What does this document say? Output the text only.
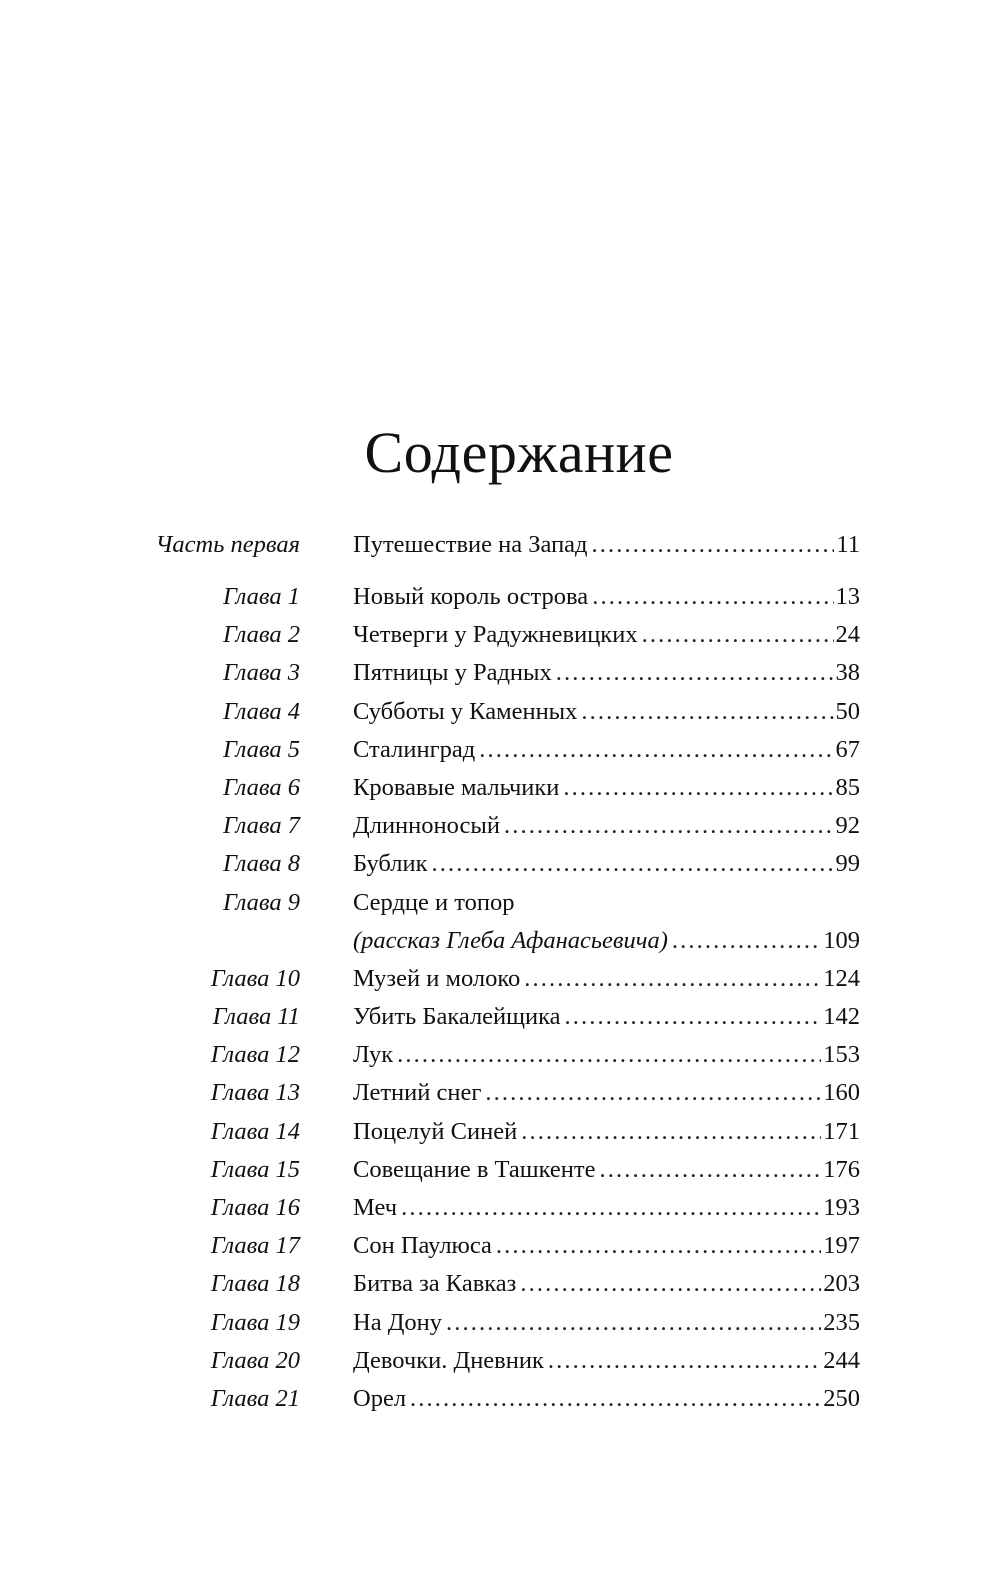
Содержание
Часть первая Путешествие на Запад . . .	11
Глава 1 Новый король острова . . .	13
Глава 2 Четверги у Радужневицких . . .	24
Глава 3 Пятницы у Радных . . .	38
Глава 4 Субботы у Каменных . . .	50
Глава 5 Сталинград . . .	67
Глава 6 Кровавые мальчики . . .	85
Глава 7 Длинноносый . . .	92
Глава 8 Бублик . . .	99
Глава 9 Сердце и топор
(рассказ Глеба Афанасьевича) . . .	109
Глава 10 Музей и молоко . . .	124
Глава 11 Убить Бакалейщика . . .	142
Глава 12 Лук . . .	153
Глава 13 Летний снег . . .	160
Глава 14 Поцелуй Синей . . .	171
Глава 15 Совещание в Ташкенте . . .	176
Глава 16 Меч . . .	193
Глава 17 Сон Паулюса . . .	197
Глава 18 Битва за Кавказ . . .	203
Глава 19 На Дону . . .	235
Глава 20 Девочки. Дневник . . .	244
Глава 21 Орел . . .	250
